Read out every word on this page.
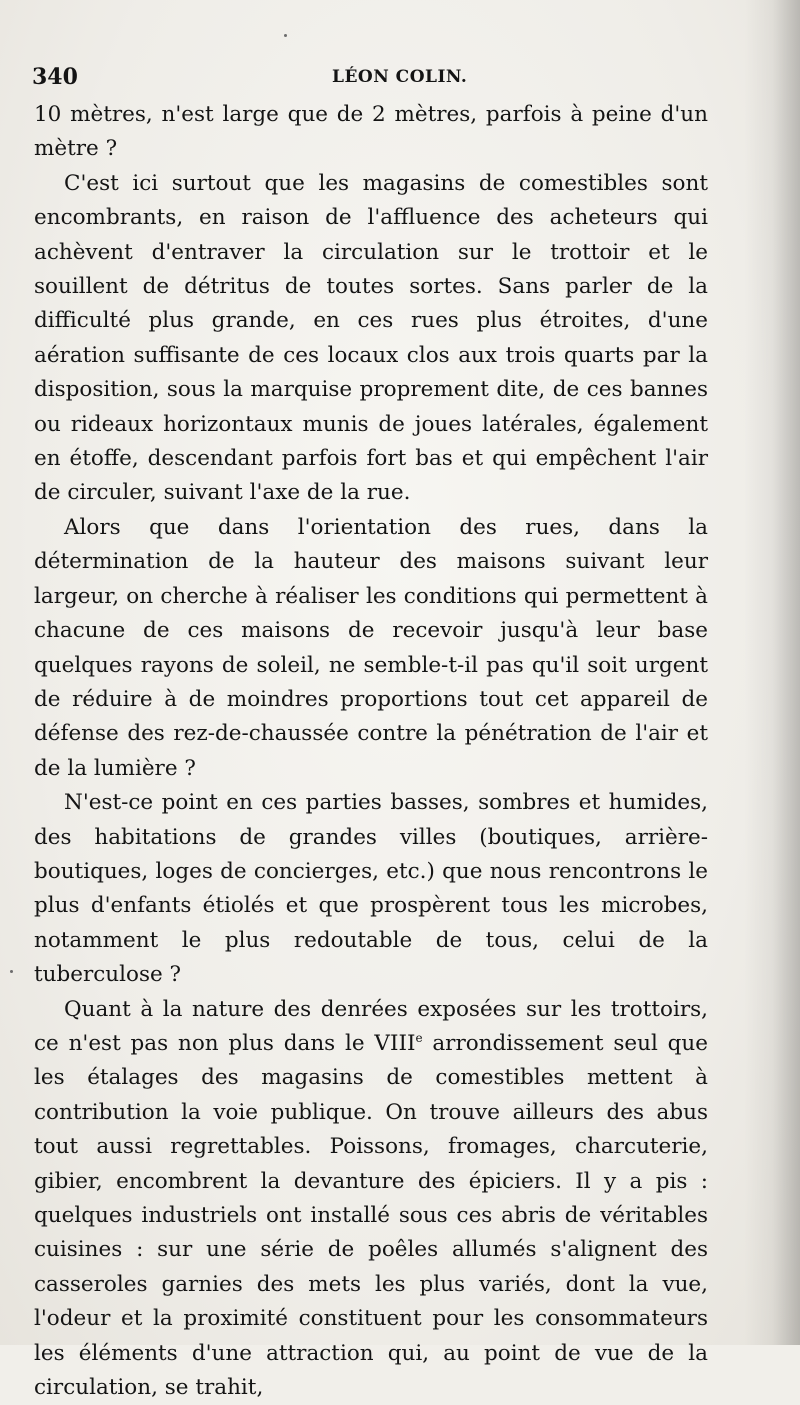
340	LÉON COLIN.

10 mètres, n'est large que de 2 mètres, parfois à peine d'un mètre ?

C'est ici surtout que les magasins de comestibles sont encombrants, en raison de l'affluence des acheteurs qui achèvent d'entraver la circulation sur le trottoir et le souillent de détritus de toutes sortes. Sans parler de la difficulté plus grande, en ces rues plus étroites, d'une aération suffisante de ces locaux clos aux trois quarts par la disposition, sous la marquise proprement dite, de ces bannes ou rideaux horizontaux munis de joues latérales, également en étoffe, descendant parfois fort bas et qui empêchent l'air de circuler, suivant l'axe de la rue.

Alors que dans l'orientation des rues, dans la détermination de la hauteur des maisons suivant leur largeur, on cherche à réaliser les conditions qui permettent à chacune de ces maisons de recevoir jusqu'à leur base quelques rayons de soleil, ne semble-t-il pas qu'il soit urgent de réduire à de moindres proportions tout cet appareil de défense des rez-de-chaussée contre la pénétration de l'air et de la lumière ?

N'est-ce point en ces parties basses, sombres et humides, des habitations de grandes villes (boutiques, arrière-boutiques, loges de concierges, etc.) que nous rencontrons le plus d'enfants étiolés et que prospèrent tous les microbes, notamment le plus redoutable de tous, celui de la tuberculose ?

Quant à la nature des denrées exposées sur les trottoirs, ce n'est pas non plus dans le VIIIe arrondissement seul que les étalages des magasins de comestibles mettent à contribution la voie publique. On trouve ailleurs des abus tout aussi regrettables. Poissons, fromages, charcuterie, gibier, encombrent la devanture des épiciers. Il y a pis : quelques industriels ont installé sous ces abris de véritables cuisines : sur une série de poêles allumés s'alignent des casseroles garnies des mets les plus variés, dont la vue, l'odeur et la proximité constituent pour les consommateurs les éléments d'une attraction qui, au point de vue de la circulation, se trahit,
